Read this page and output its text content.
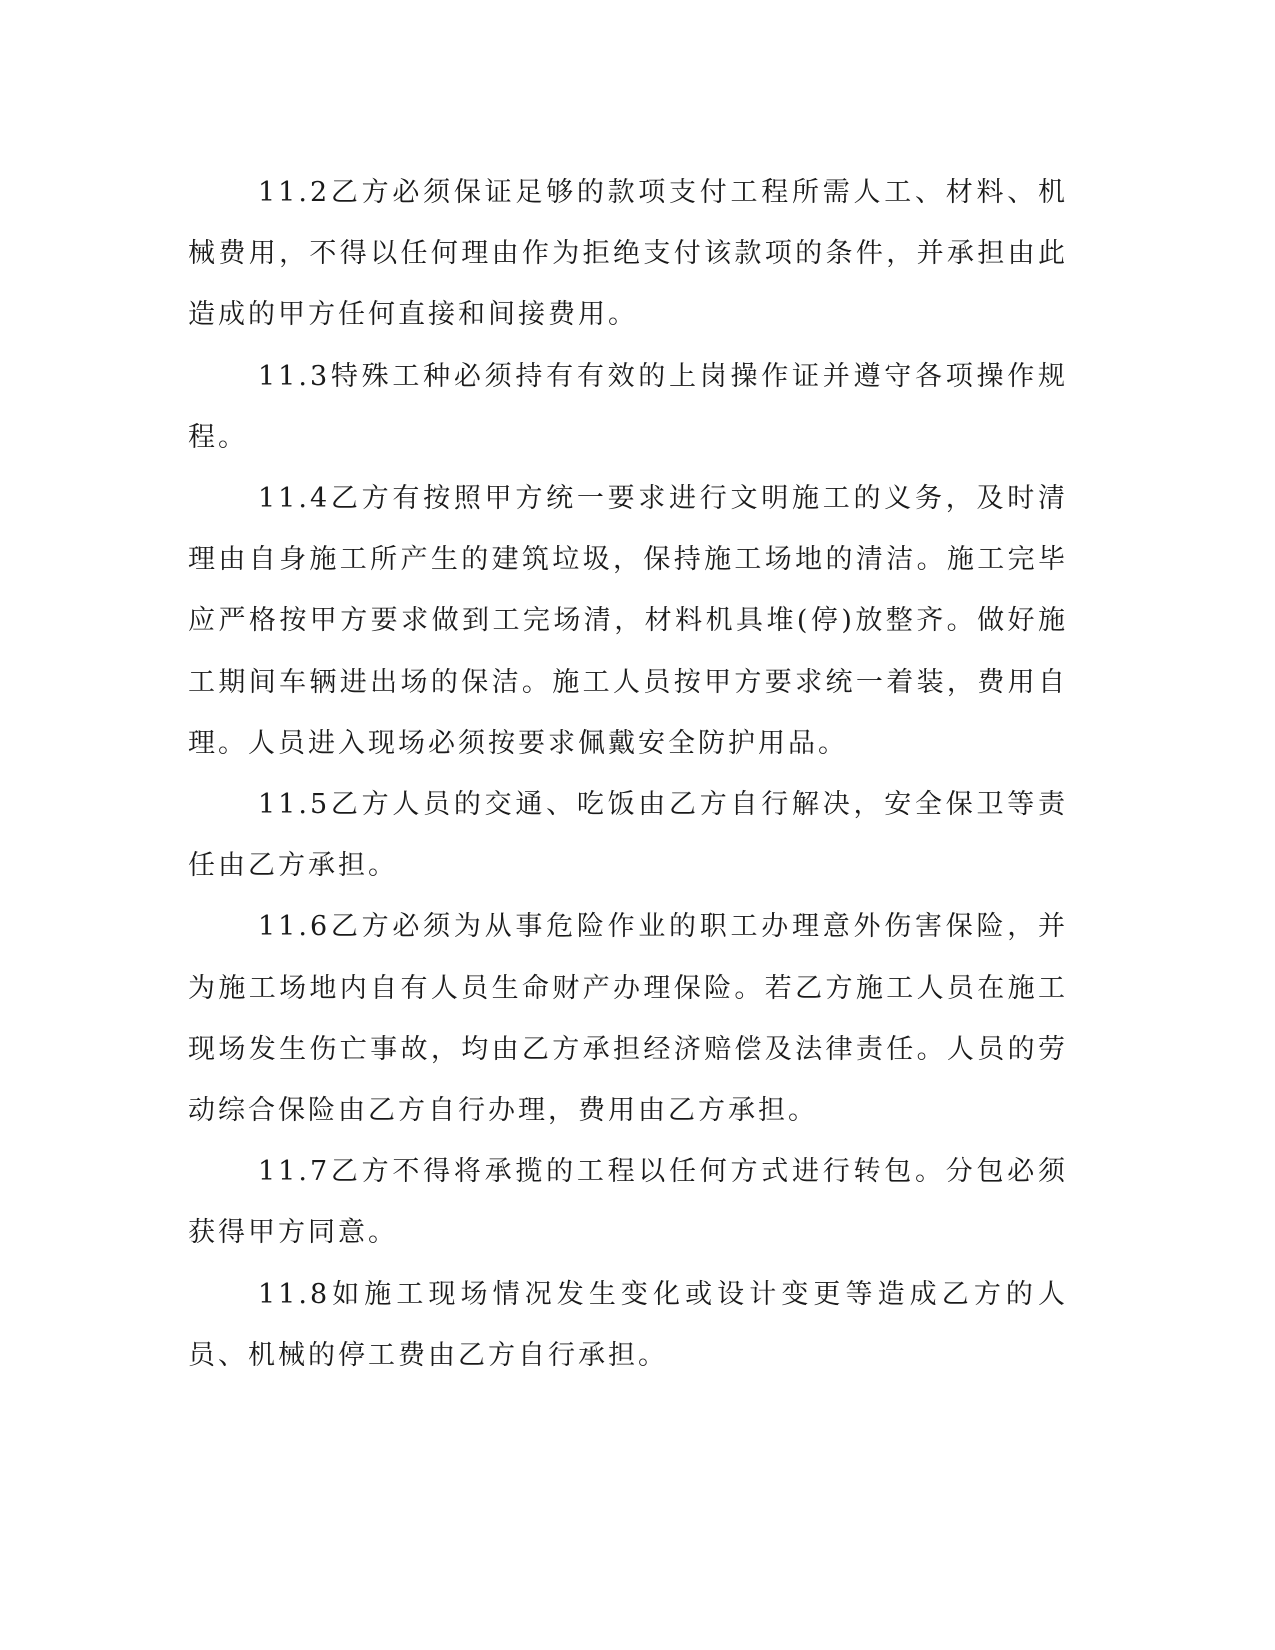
11.2乙方必须保证足够的款项支付工程所需人工、材料、机械费用，不得以任何理由作为拒绝支付该款项的条件，并承担由此造成的甲方任何直接和间接费用。

11.3特殊工种必须持有有效的上岗操作证并遵守各项操作规程。

11.4乙方有按照甲方统一要求进行文明施工的义务，及时清理由自身施工所产生的建筑垃圾，保持施工场地的清洁。施工完毕应严格按甲方要求做到工完场清，材料机具堆(停)放整齐。做好施工期间车辆进出场的保洁。施工人员按甲方要求统一着装，费用自理。人员进入现场必须按要求佩戴安全防护用品。

11.5乙方人员的交通、吃饭由乙方自行解决，安全保卫等责任由乙方承担。

11.6乙方必须为从事危险作业的职工办理意外伤害保险，并为施工场地内自有人员生命财产办理保险。若乙方施工人员在施工现场发生伤亡事故，均由乙方承担经济赔偿及法律责任。人员的劳动综合保险由乙方自行办理，费用由乙方承担。

11.7乙方不得将承揽的工程以任何方式进行转包。分包必须获得甲方同意。

11.8如施工现场情况发生变化或设计变更等造成乙方的人员、机械的停工费由乙方自行承担。
